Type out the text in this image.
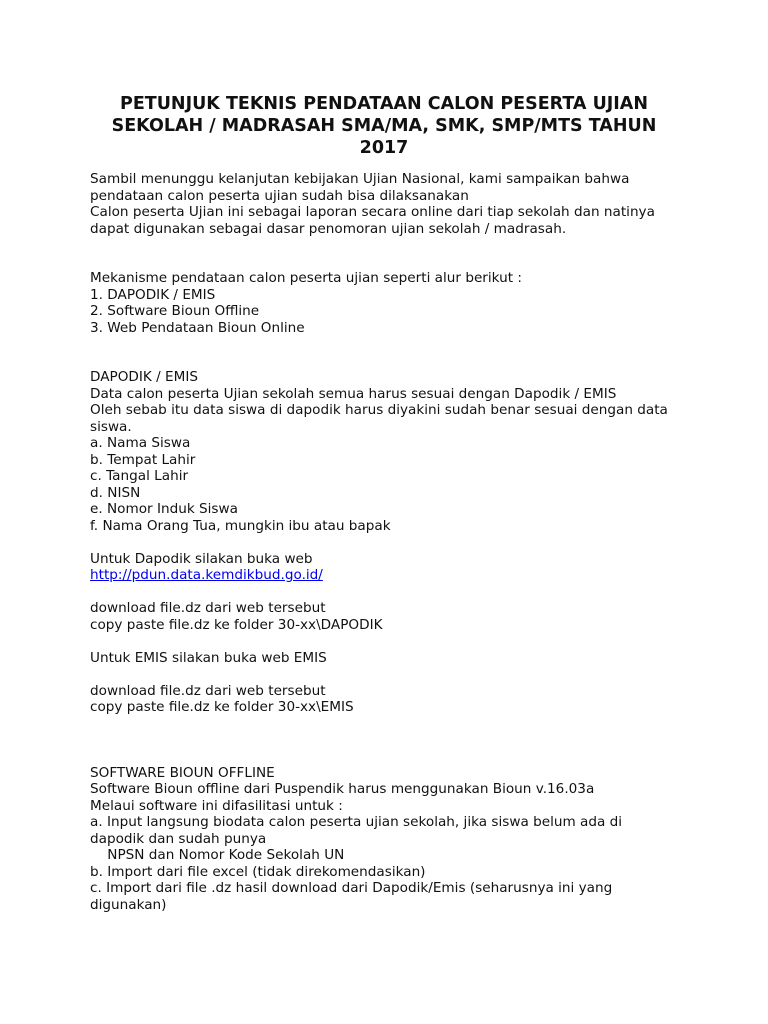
PETUNJUK TEKNIS PENDATAAN CALON PESERTA UJIAN
SEKOLAH / MADRASAH SMA/MA, SMK, SMP/MTS TAHUN
2017
Sambil menunggu kelanjutan kebijakan Ujian Nasional, kami sampaikan bahwa
pendataan calon peserta ujian sudah bisa dilaksanakan
Calon peserta Ujian ini sebagai laporan secara online dari tiap sekolah dan natinya
dapat digunakan sebagai dasar penomoran ujian sekolah / madrasah.
Mekanisme pendataan calon peserta ujian seperti alur berikut :
1. DAPODIK / EMIS
2. Software Bioun Offline
3. Web Pendataan Bioun Online
DAPODIK / EMIS
Data calon peserta Ujian sekolah semua harus sesuai dengan Dapodik / EMIS
Oleh sebab itu data siswa di dapodik harus diyakini sudah benar sesuai dengan data
siswa.
a. Nama Siswa
b. Tempat Lahir
c. Tangal Lahir
d. NISN
e. Nomor Induk Siswa
f. Nama Orang Tua, mungkin ibu atau bapak
Untuk Dapodik silakan buka web
http://pdun.data.kemdikbud.go.id/
download file.dz dari web tersebut
copy paste file.dz ke folder 30-xx\DAPODIK
Untuk EMIS silakan buka web EMIS
download file.dz dari web tersebut
copy paste file.dz ke folder 30-xx\EMIS
SOFTWARE BIOUN OFFLINE
Software Bioun offline dari Puspendik harus menggunakan Bioun v.16.03a
Melaui software ini difasilitasi untuk :
a. Input langsung biodata calon peserta ujian sekolah, jika siswa belum ada di
dapodik dan sudah punya
NPSN dan Nomor Kode Sekolah UN
b. Import dari file excel (tidak direkomendasikan)
c. Import dari file .dz hasil download dari Dapodik/Emis (seharusnya ini yang
digunakan)
